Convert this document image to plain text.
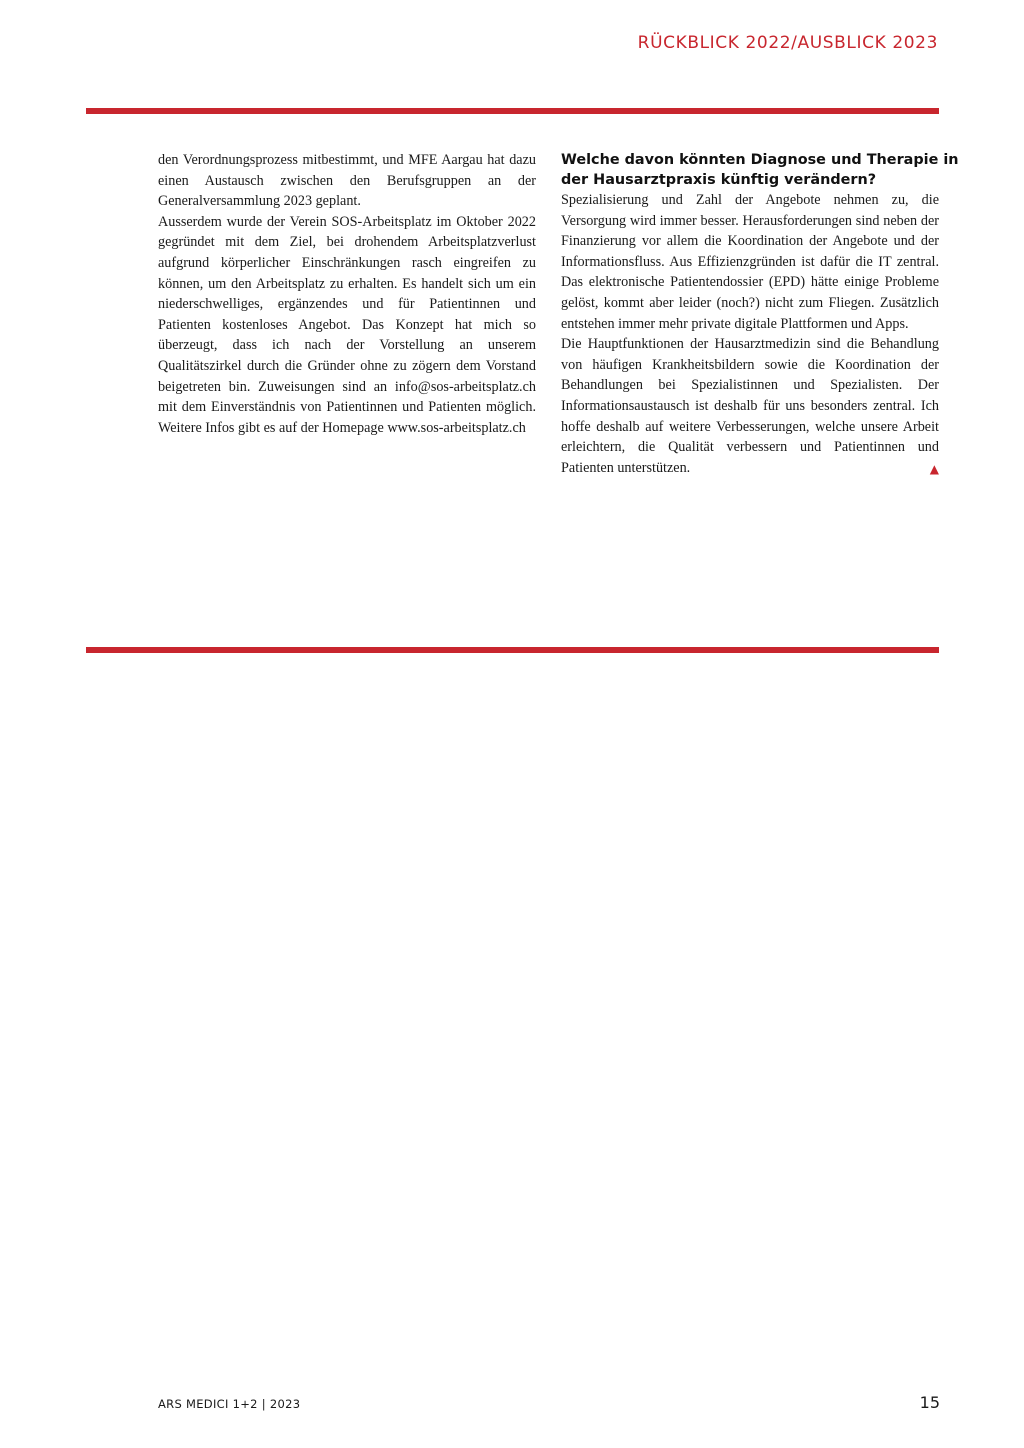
RÜCKBLICK 2022/AUSBLICK 2023

den Verordnungsprozess mitbestimmt, und MFE Aargau hat dazu einen Austausch zwischen den Berufsgruppen an der Generalversammlung 2023 geplant.

Ausserdem wurde der Verein SOS-Arbeitsplatz im Oktober 2022 gegründet mit dem Ziel, bei drohendem Arbeitsplatzverlust aufgrund körperlicher Einschränkungen rasch eingreifen zu können, um den Arbeitsplatz zu erhalten. Es handelt sich um ein niederschwelliges, ergänzendes und für Patientinnen und Patienten kostenloses Angebot. Das Konzept hat mich so überzeugt, dass ich nach der Vorstellung an unserem Qualitätszirkel durch die Gründer ohne zu zögern dem Vorstand beigetreten bin. Zuweisungen sind an info@sos-arbeitsplatz.ch mit dem Einverständnis von Patientinnen und Patienten möglich. Weitere Infos gibt es auf der Homepage www.sos-arbeitsplatz.ch

Welche davon könnten Diagnose und Therapie in
der Hausarztpraxis künftig verändern?

Spezialisierung und Zahl der Angebote nehmen zu, die Versorgung wird immer besser. Herausforderungen sind neben der Finanzierung vor allem die Koordination der Angebote und der Informationsfluss. Aus Effizienzgründen ist dafür die IT zentral. Das elektronische Patientendossier (EPD) hätte einige Probleme gelöst, kommt aber leider (noch?) nicht zum Fliegen. Zusätzlich entstehen immer mehr private digitale Plattformen und Apps.

Die Hauptfunktionen der Hausarztmedizin sind die Behandlung von häufigen Krankheitsbildern sowie die Koordination der Behandlungen bei Spezialistinnen und Spezialisten. Der Informationsaustausch ist deshalb für uns besonders zentral. Ich hoffe deshalb auf weitere Verbesserungen, welche unsere Arbeit erleichtern, die Qualität verbessern und Patientinnen und Patienten unterstützen.	▲
ARS MEDICI 1+2 | 2023	15
